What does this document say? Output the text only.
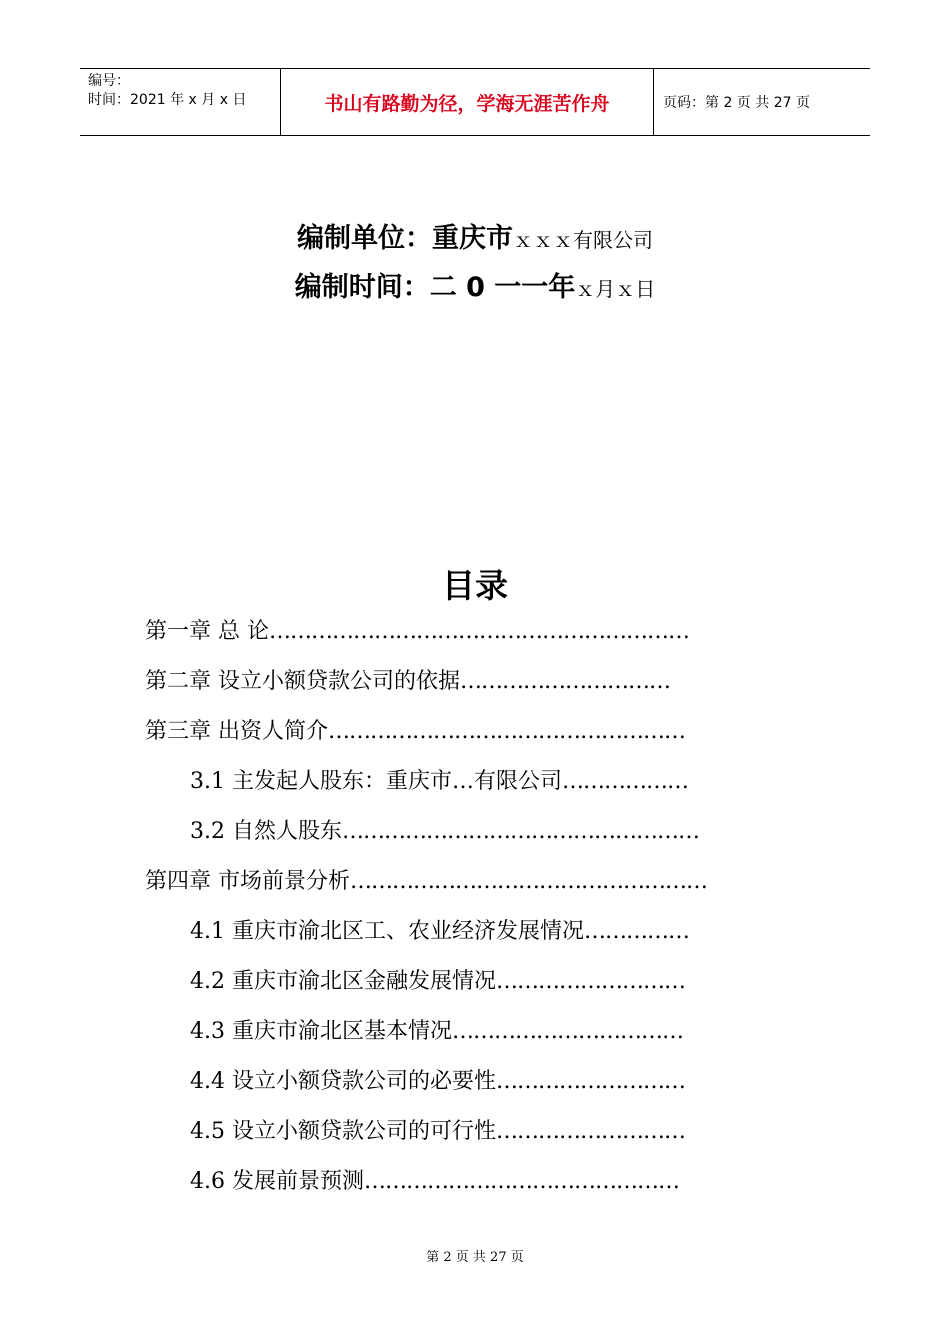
编号：
时间：2021 年 x 月 x 日	书山有路勤为径，学海无涯苦作舟	页码：第 2 页 共 27 页
编制单位：重庆市ｘｘｘ有限公司
编制时间：二 0 一一年ｘ月ｘ日
目录
第一章 总 论……………………………………………………
第二章 设立小额贷款公司的依据…………………………
第三章 出资人简介……………………………………………
3.1 主发起人股东：重庆市…有限公司………………
3.2 自然人股东……………………………………………
第四章 市场前景分析……………………………………………
4.1 重庆市渝北区工、农业经济发展情况……………
4.2 重庆市渝北区金融发展情况………………………
4.3 重庆市渝北区基本情况……………………………
4.4 设立小额贷款公司的必要性………………………
4.5 设立小额贷款公司的可行性………………………
4.6 发展前景预测………………………………………
第 2 页 共 27 页
